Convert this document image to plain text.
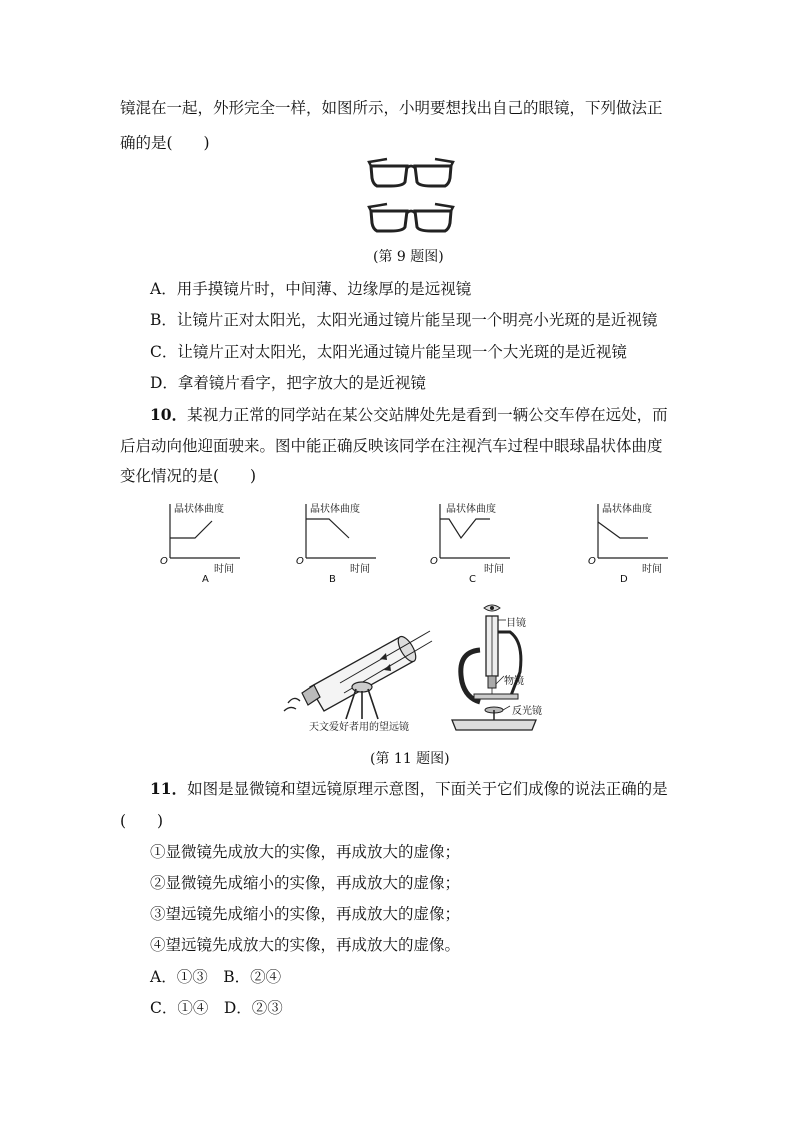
镜混在一起，外形完全一样，如图所示，小明要想找出自己的眼镜，下列做法正
确的是(　　)
(第 9 题图)
A．用手摸镜片时，中间薄、边缘厚的是远视镜
B．让镜片正对太阳光，太阳光通过镜片能呈现一个明亮小光斑的是近视镜
C．让镜片正对太阳光，太阳光通过镜片能呈现一个大光斑的是近视镜
D．拿着镜片看字，把字放大的是近视镜
10．某视力正常的同学站在某公交站牌处先是看到一辆公交车停在远处，而
后启动向他迎面驶来。图中能正确反映该同学在注视汽车过程中眼球晶状体曲度
变化情况的是(　　)
晶状体曲度
O
时间
A
晶状体曲度
O
时间
B
晶状体曲度
O
时间
C
晶状体曲度
O
时间
D
天文爱好者用的望远镜
目镜
物镜
反光镜
(第 11 题图)
11．如图是显微镜和望远镜原理示意图，下面关于它们成像的说法正确的是
(　　)
①显微镜先成放大的实像，再成放大的虚像；
②显微镜先成缩小的实像，再成放大的虚像；
③望远镜先成缩小的实像，再成放大的虚像；
④望远镜先成放大的实像，再成放大的虚像。
A．①③　B．②④
C．①④　D．②③
